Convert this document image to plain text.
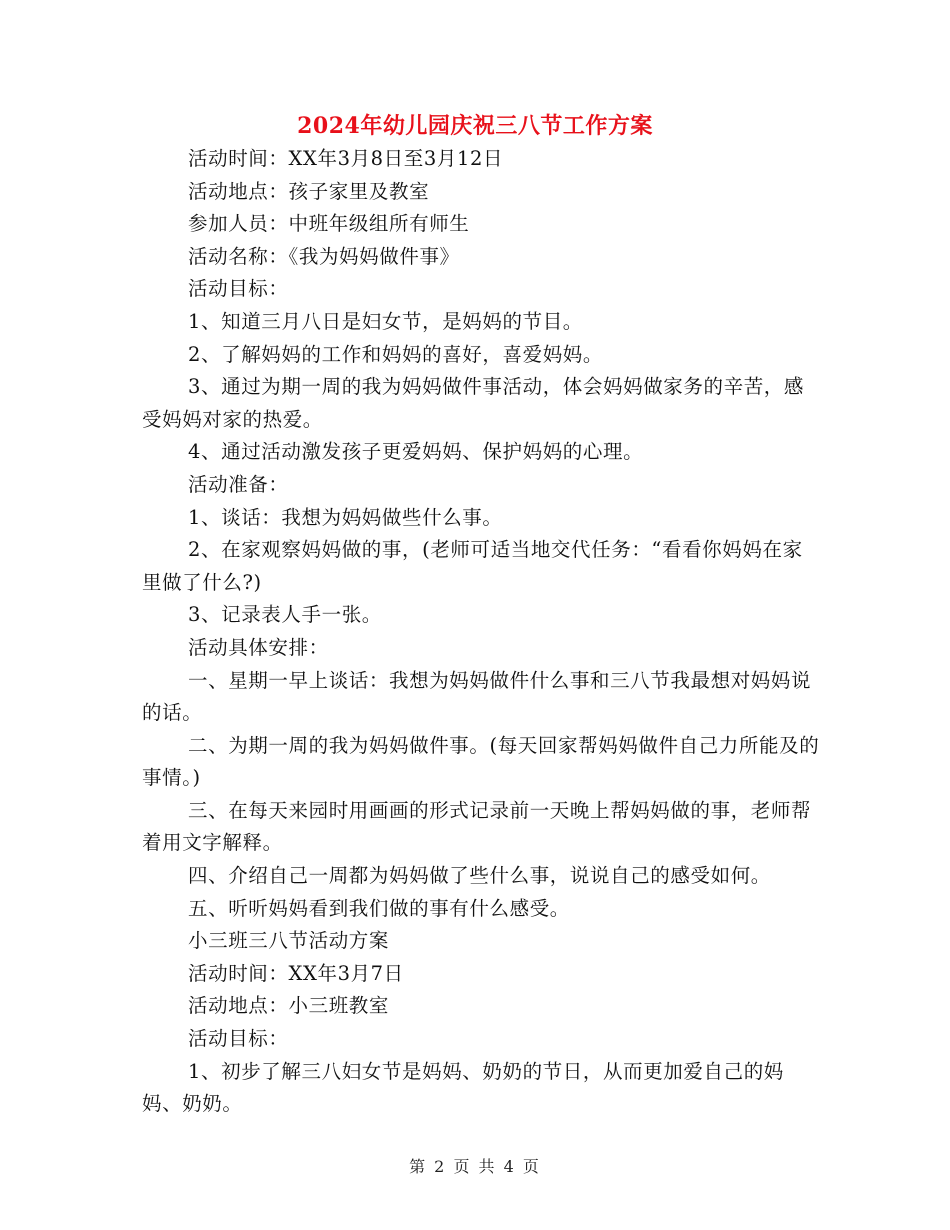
2024年幼儿园庆祝三八节工作方案

活动时间：XX年3月8日至3月12日

活动地点：孩子家里及教室

参加人员：中班年级组所有师生

活动名称：《我为妈妈做件事》

活动目标：

1、知道三月八日是妇女节，是妈妈的节目。

2、了解妈妈的工作和妈妈的喜好，喜爱妈妈。

3、通过为期一周的我为妈妈做件事活动，体会妈妈做家务的辛苦，感受妈妈对家的热爱。

4、通过活动激发孩子更爱妈妈、保护妈妈的心理。

活动准备：

1、谈话：我想为妈妈做些什么事。

2、在家观察妈妈做的事，(老师可适当地交代任务：“看看你妈妈在家里做了什么?)

3、记录表人手一张。

活动具体安排：

一、星期一早上谈话：我想为妈妈做件什么事和三八节我最想对妈妈说的话。

二、为期一周的我为妈妈做件事。(每天回家帮妈妈做件自己力所能及的事情。)

三、在每天来园时用画画的形式记录前一天晚上帮妈妈做的事，老师帮着用文字解释。

四、介绍自己一周都为妈妈做了些什么事，说说自己的感受如何。

五、听听妈妈看到我们做的事有什么感受。

小三班三八节活动方案

活动时间：XX年3月7日

活动地点：小三班教室

活动目标：

1、初步了解三八妇女节是妈妈、奶奶的节日，从而更加爱自己的妈妈、奶奶。

第 2 页 共 4 页
